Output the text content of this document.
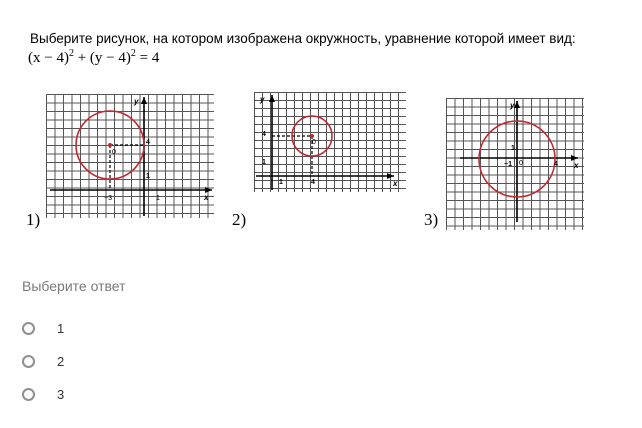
Выберите рисунок, на котором изображена окружность, уравнение которой имеет вид:
$(x - 4)^2 + (y - 4)^2 = 4$
0
4
1
−3	1	x
y
1)
0
4
1
4
1	x
y
2)
0
1
−1	4 x
y
3)
Выберите ответ
1
2
3
